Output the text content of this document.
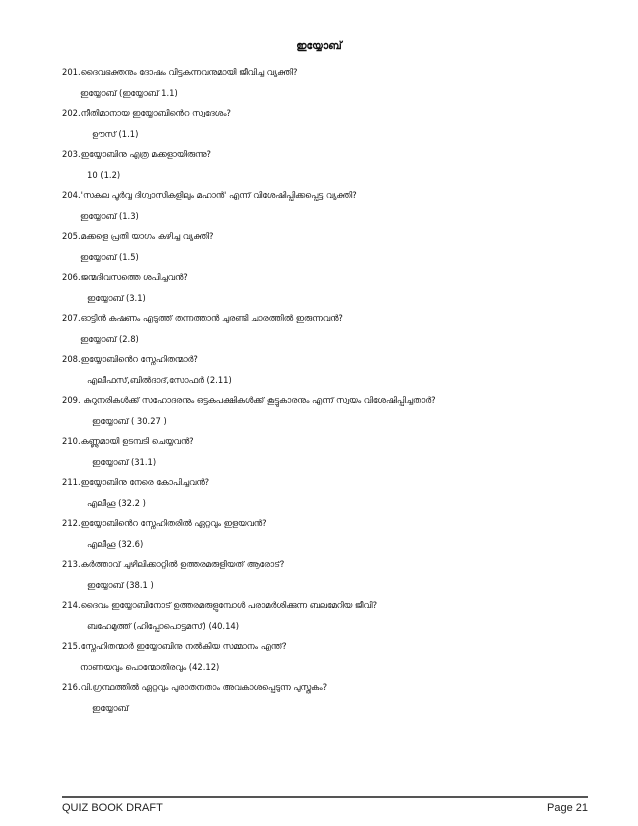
ഇയ്യോബ്

201.ദൈവഭക്തനും ദോഷം വിട്ടകന്നവനുമായി ജീവിച്ച വ്യക്തി?

ഇയ്യോബ് (ഇയ്യോബ് 1.1)

202.നീതിമാനായ ഇയ്യോബിൻെറ സ്വദേശം?

ഊസ് (1.1)

203.ഇയ്യോബിനു എത്ര മക്കളായിരുന്നു?

10 (1.2)

204.'സകല പൂർവ്വ ദിഗ്വാസികളിലും മഹാൻ' എന്ന് വിശേഷിപ്പിക്കപ്പെട്ട വ്യക്തി?

ഇയ്യോബ് (1.3)

205.മക്കളെ പ്രതി യാഗം കഴിച്ച വ്യക്തി?

ഇയ്യോബ് (1.5)

206.ജന്മദിവസത്തെ ശപിച്ചവൻ?

ഇയ്യോബ് (3.1)

207.ഓട്ടിൻ കഷണം എടുത്ത് തന്നത്താൻ ചുരണ്ടി ചാരത്തിൽ ഇരുന്നവൻ?

ഇയ്യോബ് (2.8)

208.ഇയ്യോബിൻെറ സ്നേഹിതന്മാർ?

എലീഫസ്,ബിൽദാദ്,സോഫർ (2.11)

209. കുറുനരികൾക്ക് സഹോദരനും ഒട്ടകപക്ഷികൾക്ക് കൂട്ടുകാരനും എന്ന് സ്വയം വിശേഷിപ്പിച്ചതാർ?

ഇയ്യോബ് ( 30.27 )

210.കണ്ണുമായി ഉടമ്പടി ചെയ്യവൻ?

ഇയ്യോബ് (31.1)

211.ഇയ്യോബിനു നേരെ കോപിച്ചവൻ?

എലീഹൂ (32.2 )

212.ഇയ്യോബിൻെറ സ്നേഹിതരിൽ ഏറ്റവും ഇളയവൻ?

എലീഹൂ (32.6)

213.കർത്താവ് ചുഴിലിക്കാറ്റിൽ ഉത്തരമരുളിയത് ആരോട്?

ഇയ്യോബ് (38.1 )

214.ദൈവം ഇയ്യോബിനോട് ഉത്തരമരുളുമ്പോൾ പരാമർശിക്കുന്ന ബലമേറിയ ജീവി?

ബഹേമുത്ത് (ഹിപ്പോപൊട്ടമസ്) (40.14)

215.സ്നേഹിതന്മാർ ഇയ്യോബിനു നൽകിയ സമ്മാനം എന്ത്?

നാണയവും പൊന്മോതിരവും (42.12)

216.വി.ഗ്രന്ഥത്തിൽ ഏറ്റവും പുരാതനതാം അവകാശപ്പെടുന്ന പുസ്തകം?

ഇയ്യോബ്

QUIZ BOOK DRAFT	Page 21
